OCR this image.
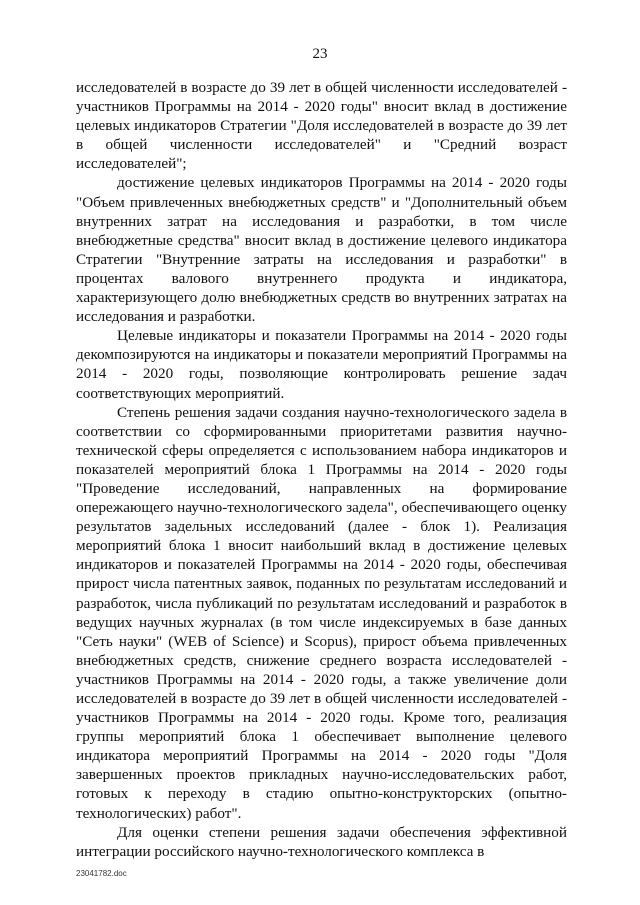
23

исследователей в возрасте до 39 лет в общей численности исследователей - участников Программы на 2014 - 2020 годы" вносит вклад в достижение целевых индикаторов Стратегии "Доля исследователей в возрасте до 39 лет в общей численности исследователей" и "Средний возраст исследователей";

достижение целевых индикаторов Программы на 2014 - 2020 годы "Объем привлеченных внебюджетных средств" и "Дополнительный объем внутренних затрат на исследования и разработки, в том числе внебюджетные средства" вносит вклад в достижение целевого индикатора Стратегии "Внутренние затраты на исследования и разработки" в процентах валового внутреннего продукта и индикатора, характеризующего долю внебюджетных средств во внутренних затратах на исследования и разработки.

Целевые индикаторы и показатели Программы на 2014 - 2020 годы декомпозируются на индикаторы и показатели мероприятий Программы на 2014 - 2020 годы, позволяющие контролировать решение задач соответствующих мероприятий.

Степень решения задачи создания научно-технологического задела в соответствии со сформированными приоритетами развития научно-технической сферы определяется с использованием набора индикаторов и показателей мероприятий блока 1 Программы на 2014 - 2020 годы "Проведение исследований, направленных на формирование опережающего научно-технологического задела", обеспечивающего оценку результатов задельных исследований (далее - блок 1). Реализация мероприятий блока 1 вносит наибольший вклад в достижение целевых индикаторов и показателей Программы на 2014 - 2020 годы, обеспечивая прирост числа патентных заявок, поданных по результатам исследований и разработок, числа публикаций по результатам исследований и разработок в ведущих научных журналах (в том числе индексируемых в базе данных "Сеть науки" (WEB of Science) и Scopus), прирост объема привлеченных внебюджетных средств, снижение среднего возраста исследователей - участников Программы на 2014 - 2020 годы, а также увеличение доли исследователей в возрасте до 39 лет в общей численности исследователей - участников Программы на 2014 - 2020 годы. Кроме того, реализация группы мероприятий блока 1 обеспечивает выполнение целевого индикатора мероприятий Программы на 2014 - 2020 годы "Доля завершенных проектов прикладных научно-исследовательских работ, готовых к переходу в стадию опытно-конструкторских (опытно-технологических) работ".

Для оценки степени решения задачи обеспечения эффективной интеграции российского научно-технологического комплекса в

23041782.doc
